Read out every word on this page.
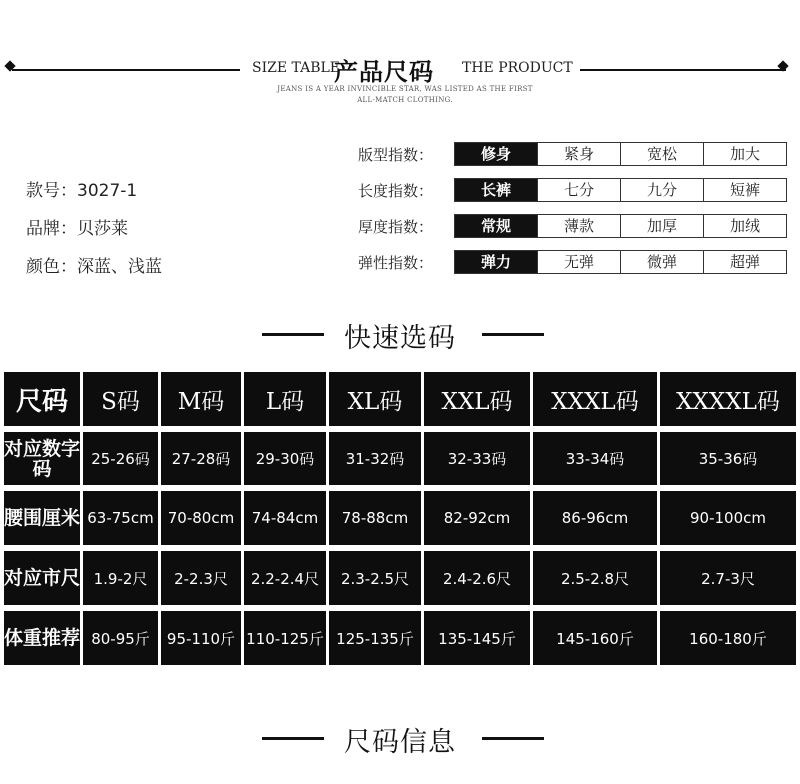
SIZE TABLE
产品尺码 THE PRODUCT
JEANS IS A YEAR INVINCIBLE STAR, WAS LISTED AS THE FIRST
ALL-MATCH CLOTHING.
款号：3027-1
品牌：贝莎莱
颜色：深蓝、浅蓝
版型指数：	修身	紧身	宽松	加大
长度指数：	长裤	七分	九分	短裤
厚度指数：	常规	薄款	加厚	加绒
弹性指数：	弹力	无弹	微弹	超弹
快速选码
尺码	S码	M码	L码	XL码	XXL码	XXXL码	XXXXL码
对应数字码	25-26码	27-28码	29-30码	31-32码	32-33码	33-34码	35-36码
腰围厘米 63-75cm 70-80cm	74-84cm	78-88cm	82-92cm	86-96cm	90-100cm
对应市尺 1.9-2尺	2-2.3尺	2.2-2.4尺	2.3-2.5尺	2.4-2.6尺	2.5-2.8尺	2.7-3尺
体重推荐 80-95斤	95-110斤 110-125斤 125-135斤	135-145斤	145-160斤	160-180斤
尺码信息
